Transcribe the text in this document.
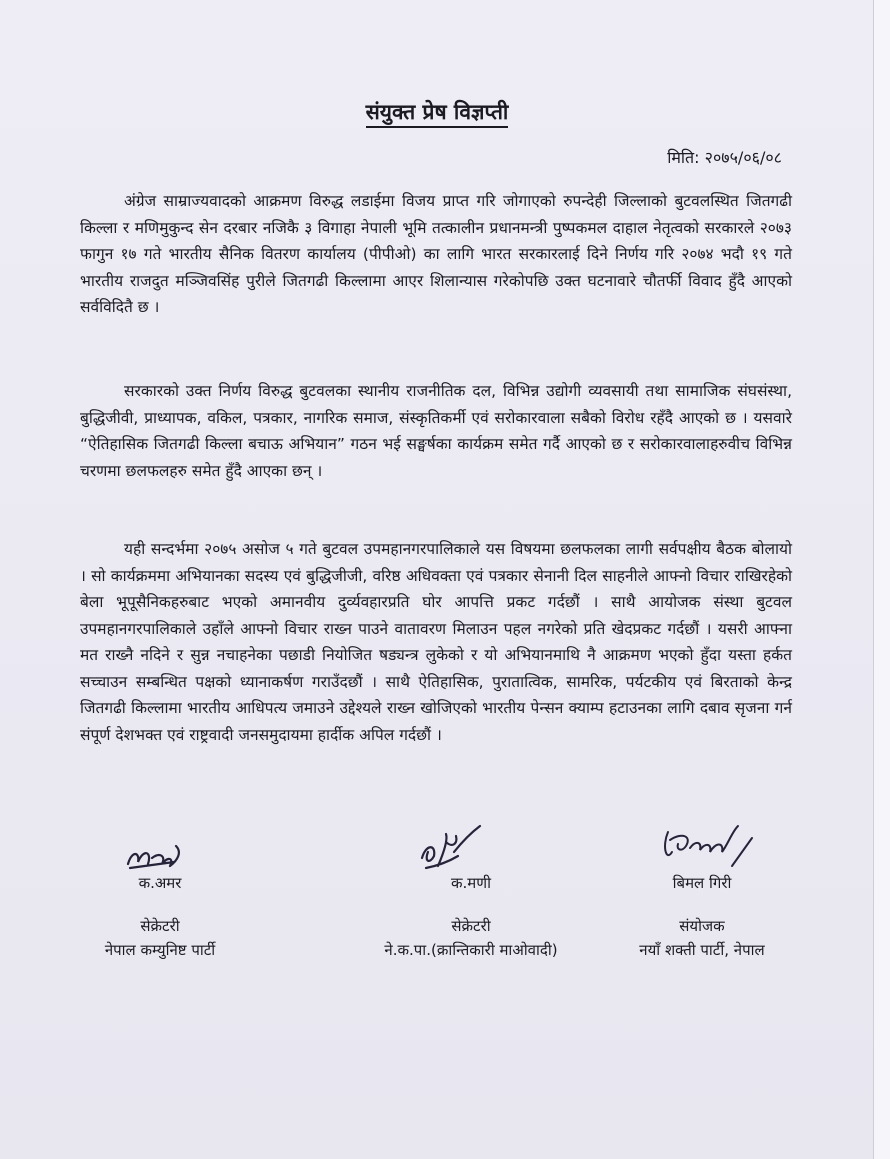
संयुक्त प्रेष विज्ञप्ती
मिति: २०७५/०६/०८

अंग्रेज साम्राज्यवादको आक्रमण विरुद्ध लडाईमा विजय प्राप्त गरि जोगाएको रुपन्देही जिल्लाको बुटवलस्थित जितगढी किल्ला र मणिमुकुन्द सेन दरबार नजिकै ३ विगाहा नेपाली भूमि तत्कालीन प्रधानमन्त्री पुष्पकमल दाहाल नेतृत्वको सरकारले २०७३ फागुन १७ गते भारतीय सैनिक वितरण कार्यालय (पीपीओ) का लागि भारत सरकारलाई दिने निर्णय गरि २०७४ भदौ १९ गते भारतीय राजदुत मञ्जिवसिंह पुरीले जितगढी किल्लामा आएर शिलान्यास गरेकोपछि उक्त घटनावारे चौतर्फी विवाद हुँदै आएको सर्वविदितै छ ।

सरकारको उक्त निर्णय विरुद्ध बुटवलका स्थानीय राजनीतिक दल, विभिन्न उद्योगी व्यवसायी तथा सामाजिक संघसंस्था, बुद्धिजीवी, प्राध्यापक, वकिल, पत्रकार, नागरिक समाज, संस्कृतिकर्मी एवं सरोकारवाला सबैको विरोध रहँदै आएको छ । यसवारे “ऐतिहासिक जितगढी किल्ला बचाऊ अभियान” गठन भई सङ्घर्षका कार्यक्रम समेत गर्दै आएको छ र सरोकारवालाहरुवीच विभिन्न चरणमा छलफलहरु समेत हुँदै आएका छन् ।

यही सन्दर्भमा २०७५ असोज ५ गते बुटवल उपमहानगरपालिकाले यस विषयमा छलफलका लागी सर्वपक्षीय बैठक बोलायो । सो कार्यक्रममा अभियानका सदस्य एवं बुद्धिजीजी, वरिष्ठ अधिवक्ता एवं पत्रकार सेनानी दिल साहनीले आफ्नो विचार राखिरहेको बेला भूपूसैनिकहरुबाट भएको अमानवीय दुर्व्यवहारप्रति घोर आपत्ति प्रकट गर्दछौं । साथै आयोजक संस्था बुटवल उपमहानगरपालिकाले उहाँले आफ्नो विचार राख्न पाउने वातावरण मिलाउन पहल नगरेको प्रति खेदप्रकट गर्दछौं । यसरी आफ्ना मत राख्नै नदिने र सुन्न नचाहनेका पछाडी नियोजित षड्यन्त्र लुकेको र यो अभियानमाथि नै आक्रमण भएको हुँदा यस्ता हर्कत सच्चाउन सम्बन्धित पक्षको ध्यानाकर्षण गराउँदछौं । साथै ऐतिहासिक, पुरातात्विक, सामरिक, पर्यटकीय एवं बिरताको केन्द्र जितगढी किल्लामा भारतीय आधिपत्य जमाउने उद्देश्यले राख्न खोजिएको भारतीय पेन्सन क्याम्प हटाउनका लागि दबाव सृजना गर्न संपूर्ण देशभक्त एवं राष्ट्रवादी जनसमुदायमा हार्दीक अपिल गर्दछौं ।

क.अमर
सेक्रेटरी
नेपाल कम्युनिष्ट पार्टी
क.मणी
सेक्रेटरी
ने.क.पा.(क्रान्तिकारी माओवादी)
बिमल गिरी
संयोजक
नयाँ शक्ती पार्टी, नेपाल
